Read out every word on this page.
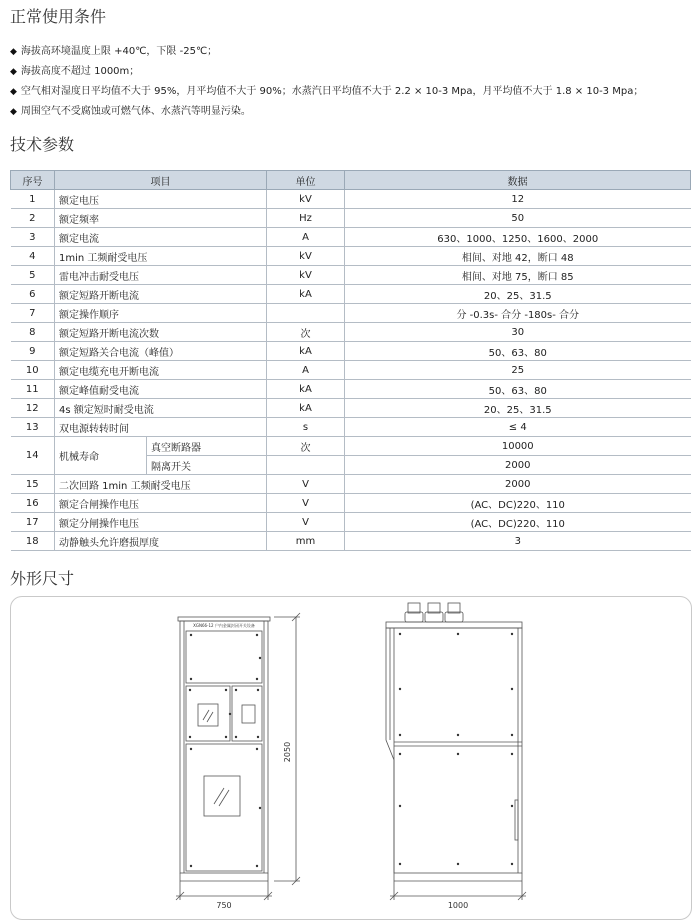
正常使用条件
◆ 海拔高环境温度上限 +40℃，下限 -25℃；
◆ 海拔高度不超过 1000m；
◆ 空气相对湿度日平均值不大于 95%，月平均值不大于 90%；水蒸汽日平均值不大于 2.2 × 10-3 Mpa，月平均值不大于 1.8 × 10-3 Mpa；
◆ 周围空气不受腐蚀或可燃气体、水蒸汽等明显污染。
技术参数
序号	项目		单位	数据
1	额定电压		kV	12
2	额定频率		Hz	50
3	额定电流		A	630、1000、1250、1600、2000
4	1min 工频耐受电压		kV	相间、对地 42，断口 48
5	雷电冲击耐受电压		kV	相间、对地 75，断口 85
6	额定短路开断电流		kA	20、25、31.5
7	额定操作顺序			分 -0.3s- 合分 -180s- 合分
8	额定短路开断电流次数		次	30
9	额定短路关合电流（峰值）		kA	50、63、80
10	额定电缆充电开断电流		A	25
11	额定峰值耐受电流		kA	50、63、80
12	4s 额定短时耐受电流		kA	20、25、31.5
13	双电源转转时间		s	≤ 4
14	机械寿命	真空断路器	次	10000
		隔离开关		2000
15	二次回路 1min 工频耐受电压		V	2000
16	额定合闸操作电压		V	(AC、DC)220、110
17	额定分闸操作电压		V	(AC、DC)220、110
18	动静触头允许磨损厚度		mm	3
外形尺寸
XGN66-12 户内金属封闭开关设备
2050
750	1000
